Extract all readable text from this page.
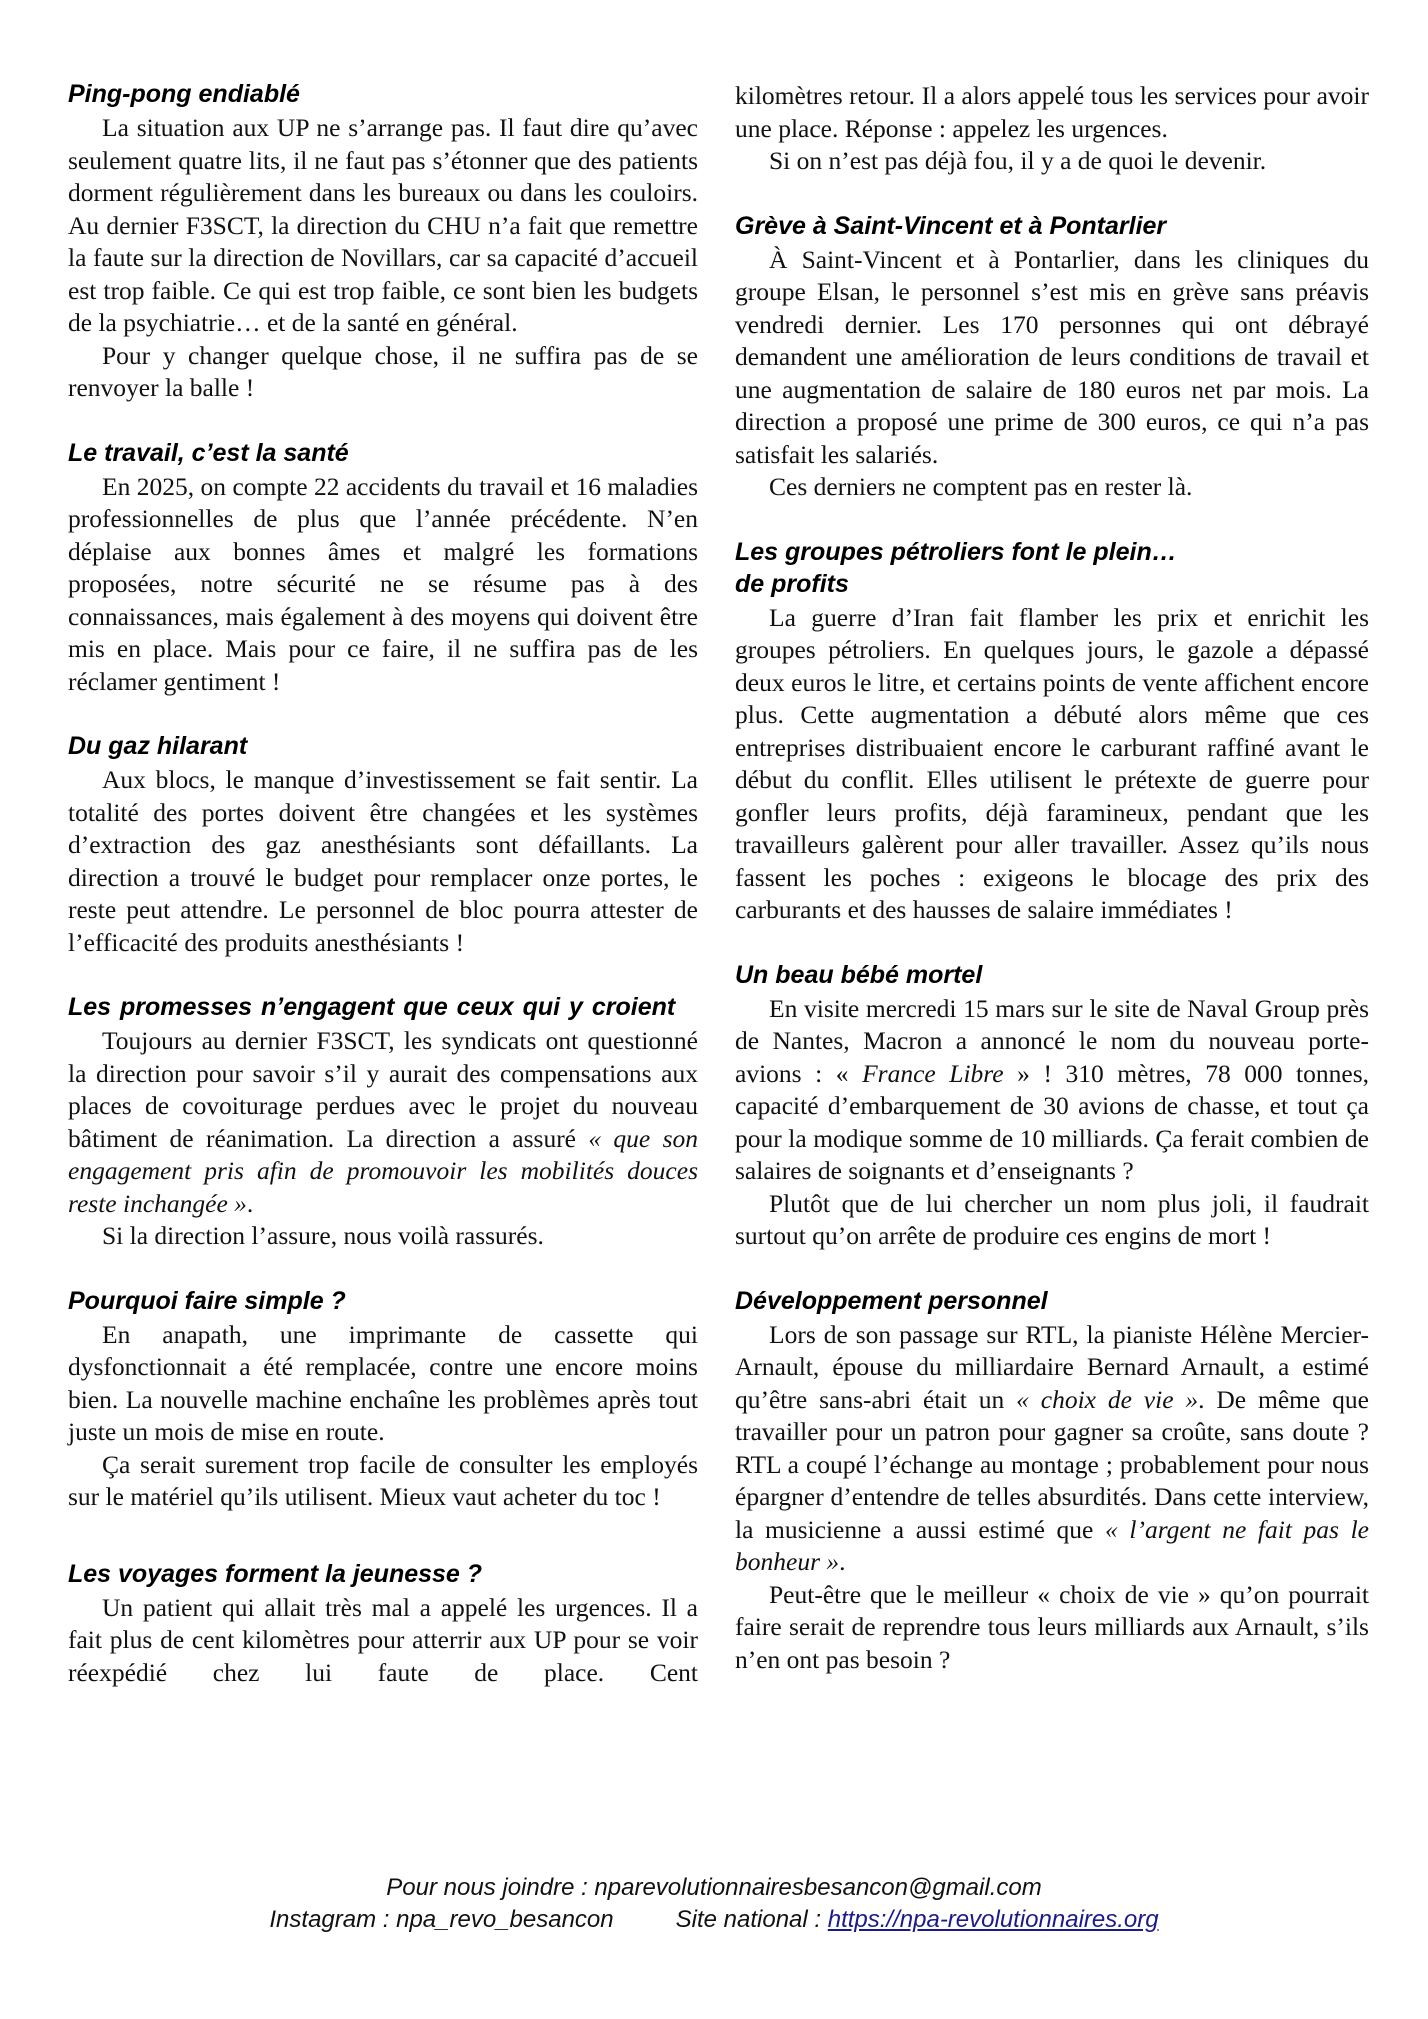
Ping-pong endiablé

La situation aux UP ne s’arrange pas. Il faut dire qu’avec seulement quatre lits, il ne faut pas s’étonner que des patients dorment régulièrement dans les bureaux ou dans les couloirs. Au dernier F3SCT, la direction du CHU n’a fait que remettre la faute sur la direction de Novillars, car sa capacité d’accueil est trop faible. Ce qui est trop faible, ce sont bien les budgets de la psychiatrie… et de la santé en général.

Pour y changer quelque chose, il ne suffira pas de se renvoyer la balle !

Le travail, c’est la santé

En 2025, on compte 22 accidents du travail et 16 maladies professionnelles de plus que l’année précédente. N’en déplaise aux bonnes âmes et malgré les formations proposées, notre sécurité ne se résume pas à des connaissances, mais également à des moyens qui doivent être mis en place. Mais pour ce faire, il ne suffira pas de les réclamer gentiment !

Du gaz hilarant

Aux blocs, le manque d’investissement se fait sentir. La totalité des portes doivent être changées et les systèmes d’extraction des gaz anesthésiants sont défaillants. La direction a trouvé le budget pour remplacer onze portes, le reste peut attendre. Le personnel de bloc pourra attester de l’efficacité des produits anesthésiants !

Les promesses n’engagent que ceux qui y croient

Toujours au dernier F3SCT, les syndicats ont questionné la direction pour savoir s’il y aurait des compensations aux places de covoiturage perdues avec le projet du nouveau bâtiment de réanimation. La direction a assuré « que son engagement pris afin de promouvoir les mobilités douces reste inchangée ».

Si la direction l’assure, nous voilà rassurés.

Pourquoi faire simple ?

En anapath, une imprimante de cassette qui dysfonctionnait a été remplacée, contre une encore moins bien. La nouvelle machine enchaîne les problèmes après tout juste un mois de mise en route.

Ça serait surement trop facile de consulter les employés sur le matériel qu’ils utilisent. Mieux vaut acheter du toc !

Les voyages forment la jeunesse ?

Un patient qui allait très mal a appelé les urgences. Il a fait plus de cent kilomètres pour atterrir aux UP pour se voir réexpédié chez lui faute de place. Cent

kilomètres retour. Il a alors appelé tous les services pour avoir une place. Réponse : appelez les urgences.

Si on n’est pas déjà fou, il y a de quoi le devenir.

Grève à Saint-Vincent et à Pontarlier

À Saint-Vincent et à Pontarlier, dans les cliniques du groupe Elsan, le personnel s’est mis en grève sans préavis vendredi dernier. Les 170 personnes qui ont débrayé demandent une amélioration de leurs conditions de travail et une augmentation de salaire de 180 euros net par mois. La direction a proposé une prime de 300 euros, ce qui n’a pas satisfait les salariés.

Ces derniers ne comptent pas en rester là.

Les groupes pétroliers font le plein…
de profits

La guerre d’Iran fait flamber les prix et enrichit les groupes pétroliers. En quelques jours, le gazole a dépassé deux euros le litre, et certains points de vente affichent encore plus. Cette augmentation a débuté alors même que ces entreprises distribuaient encore le carburant raffiné avant le début du conflit. Elles utilisent le prétexte de guerre pour gonfler leurs profits, déjà faramineux, pendant que les travailleurs galèrent pour aller travailler. Assez qu’ils nous fassent les poches : exigeons le blocage des prix des carburants et des hausses de salaire immédiates !

Un beau bébé mortel

En visite mercredi 15 mars sur le site de Naval Group près de Nantes, Macron a annoncé le nom du nouveau porte-avions : « France Libre » ! 310 mètres, 78 000 tonnes, capacité d’embarquement de 30 avions de chasse, et tout ça pour la modique somme de 10 milliards. Ça ferait combien de salaires de soignants et d’enseignants ?

Plutôt que de lui chercher un nom plus joli, il faudrait surtout qu’on arrête de produire ces engins de mort !

Développement personnel

Lors de son passage sur RTL, la pianiste Hélène Mercier-Arnault, épouse du milliardaire Bernard Arnault, a estimé qu’être sans-abri était un « choix de vie ». De même que travailler pour un patron pour gagner sa croûte, sans doute ? RTL a coupé l’échange au montage ; probablement pour nous épargner d’entendre de telles absurdités. Dans cette interview, la musicienne a aussi estimé que « l’argent ne fait pas le bonheur ».

Peut-être que le meilleur « choix de vie » qu’on pourrait faire serait de reprendre tous leurs milliards aux Arnault, s’ils n’en ont pas besoin ?

Pour nous joindre : nparevolutionnairesbesancon@gmail.com
Instagram : npa_revo_besancon	Site national : https://npa-revolutionnaires.org
